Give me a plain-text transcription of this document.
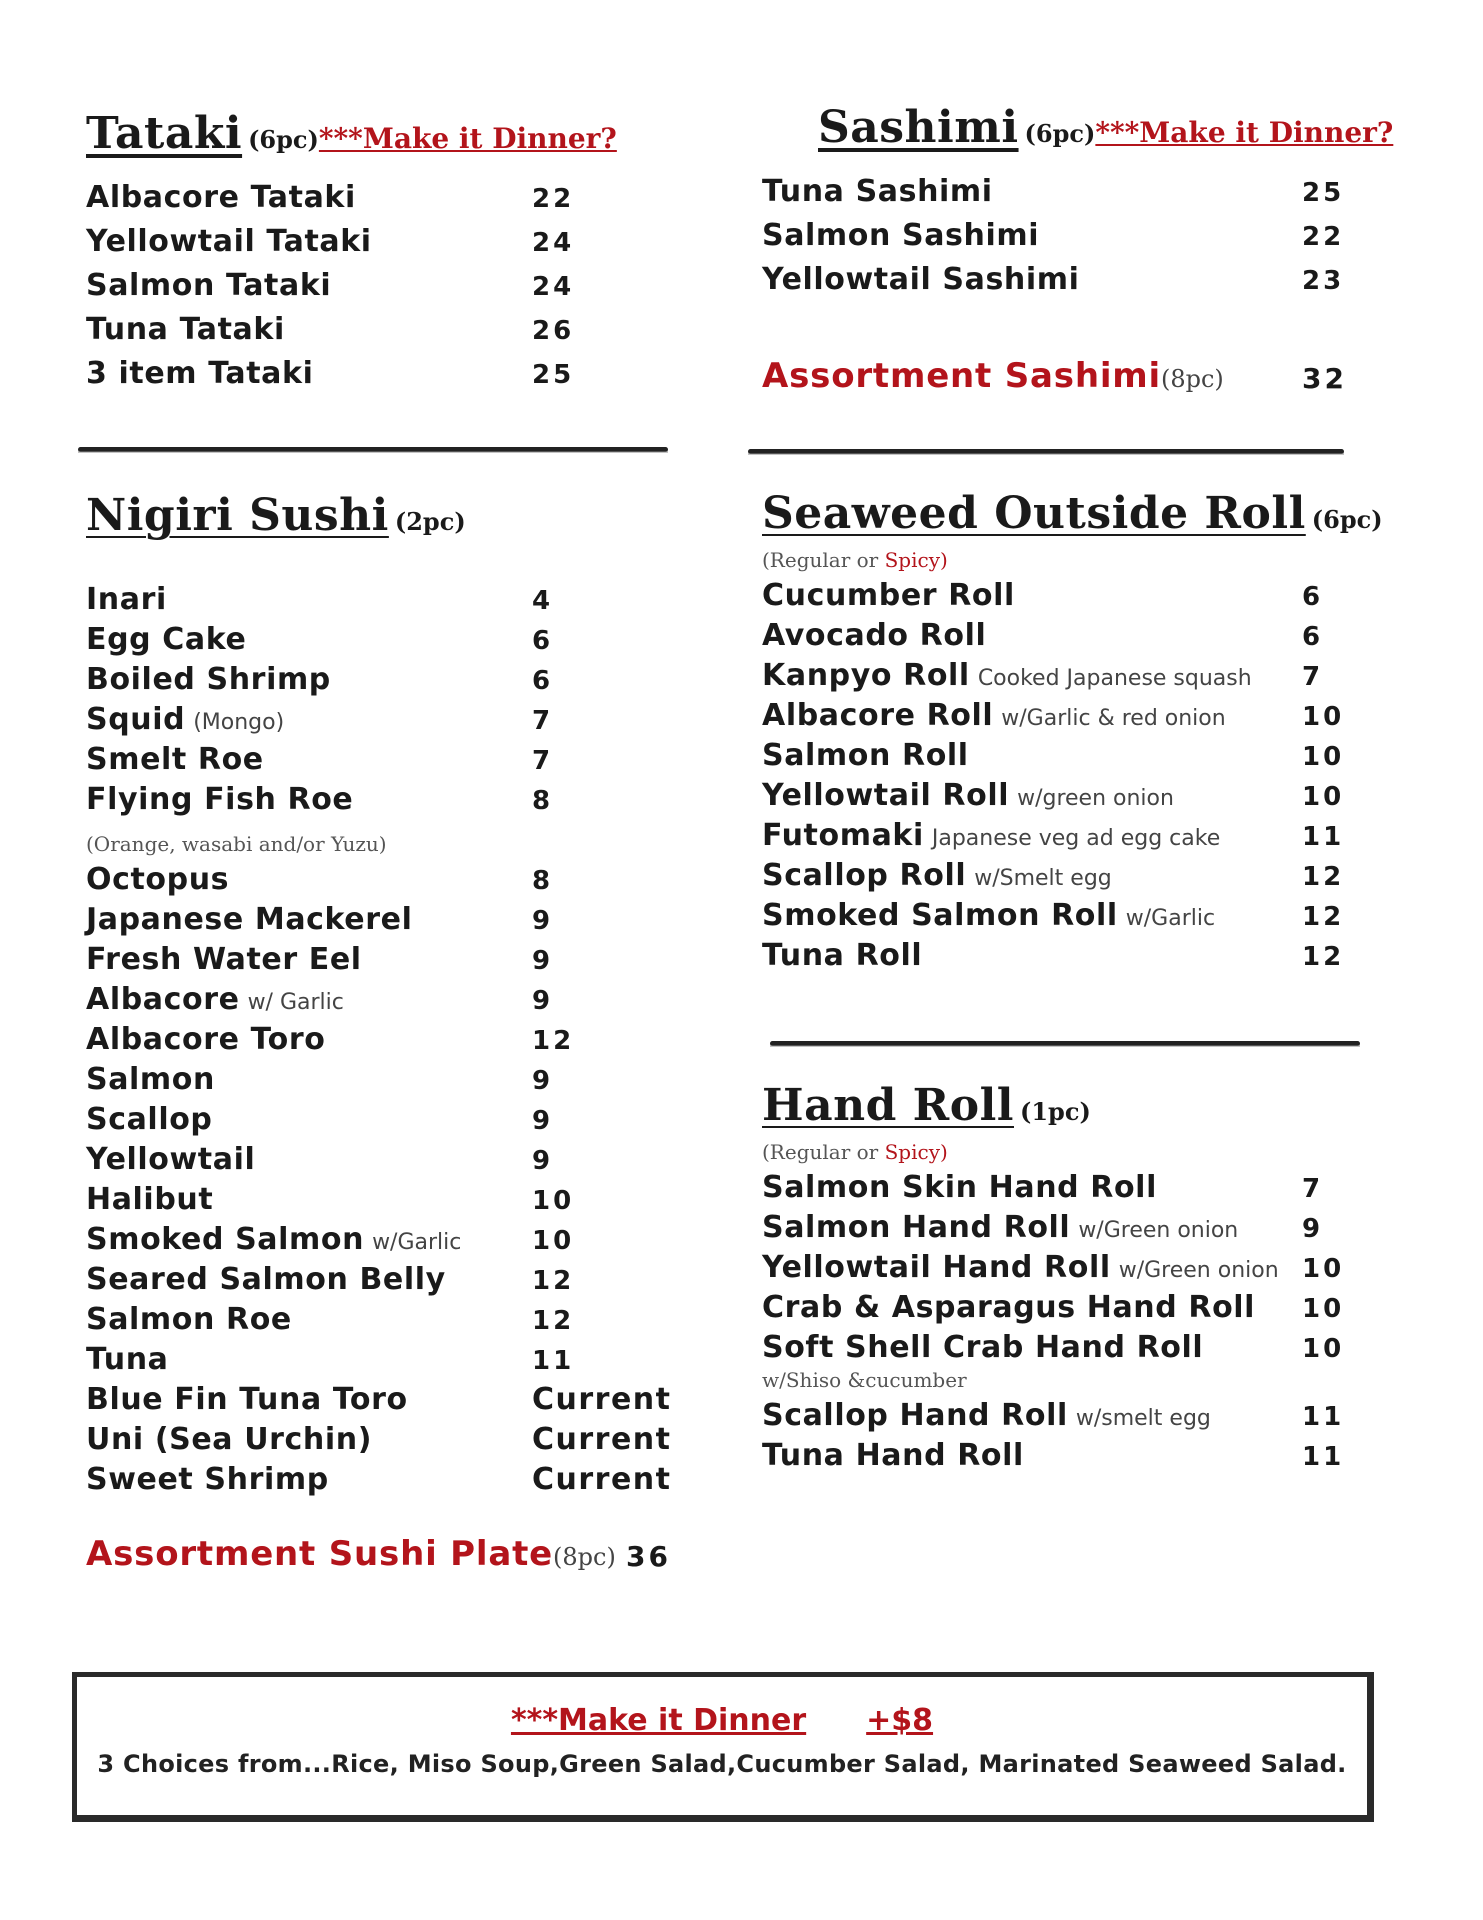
Tataki (6pc)***Make it Dinner?
Albacore Tataki	22
Yellowtail Tataki	24
Salmon Tataki	24
Tuna Tataki	26
3 item Tataki	25
Sashimi (6pc)***Make it Dinner?
Tuna Sashimi	25
Salmon Sashimi	22
Yellowtail Sashimi	23
Assortment Sashimi(8pc)	32
Nigiri Sushi (2pc)
Inari	4
Egg Cake	6
Boiled Shrimp	6
Squid (Mongo)	7
Smelt Roe	7
Flying Fish Roe	8
(Orange, wasabi and/or Yuzu)
Octopus	8
Japanese Mackerel	9
Fresh Water Eel	9
Albacore w/ Garlic	9
Albacore Toro	12
Salmon	9
Scallop	9
Yellowtail	9
Halibut	10
Smoked Salmon w/Garlic	10
Seared Salmon Belly	12
Salmon Roe	12
Tuna	11
Blue Fin Tuna Toro	Current
Uni (Sea Urchin)	Current
Sweet Shrimp	Current
Assortment Sushi Plate(8pc) 36
Seaweed Outside Roll (6pc)
(Regular or Spicy)
Cucumber Roll	6
Avocado Roll	6
Kanpyo Roll Cooked Japanese squash 7
Albacore Roll w/Garlic & red onion	10
Salmon Roll	10
Yellowtail Roll w/green onion	10
Futomaki Japanese veg ad egg cake	11
Scallop Roll w/Smelt egg	12
Smoked Salmon Roll w/Garlic	12
Tuna Roll	12
Hand Roll (1pc)
(Regular or Spicy)
Salmon Skin Hand Roll	7
Salmon Hand Roll w/Green onion 9
Yellowtail Hand Roll w/Green onion 10
Crab & Asparagus Hand Roll 10
Soft Shell Crab Hand Roll	10
w/Shiso &cucumber
Scallop Hand Roll w/smelt egg	11
Tuna Hand Roll	11
***Make it Dinner +$8
3 Choices from...Rice, Miso Soup,Green Salad,Cucumber Salad, Marinated Seaweed Salad.
